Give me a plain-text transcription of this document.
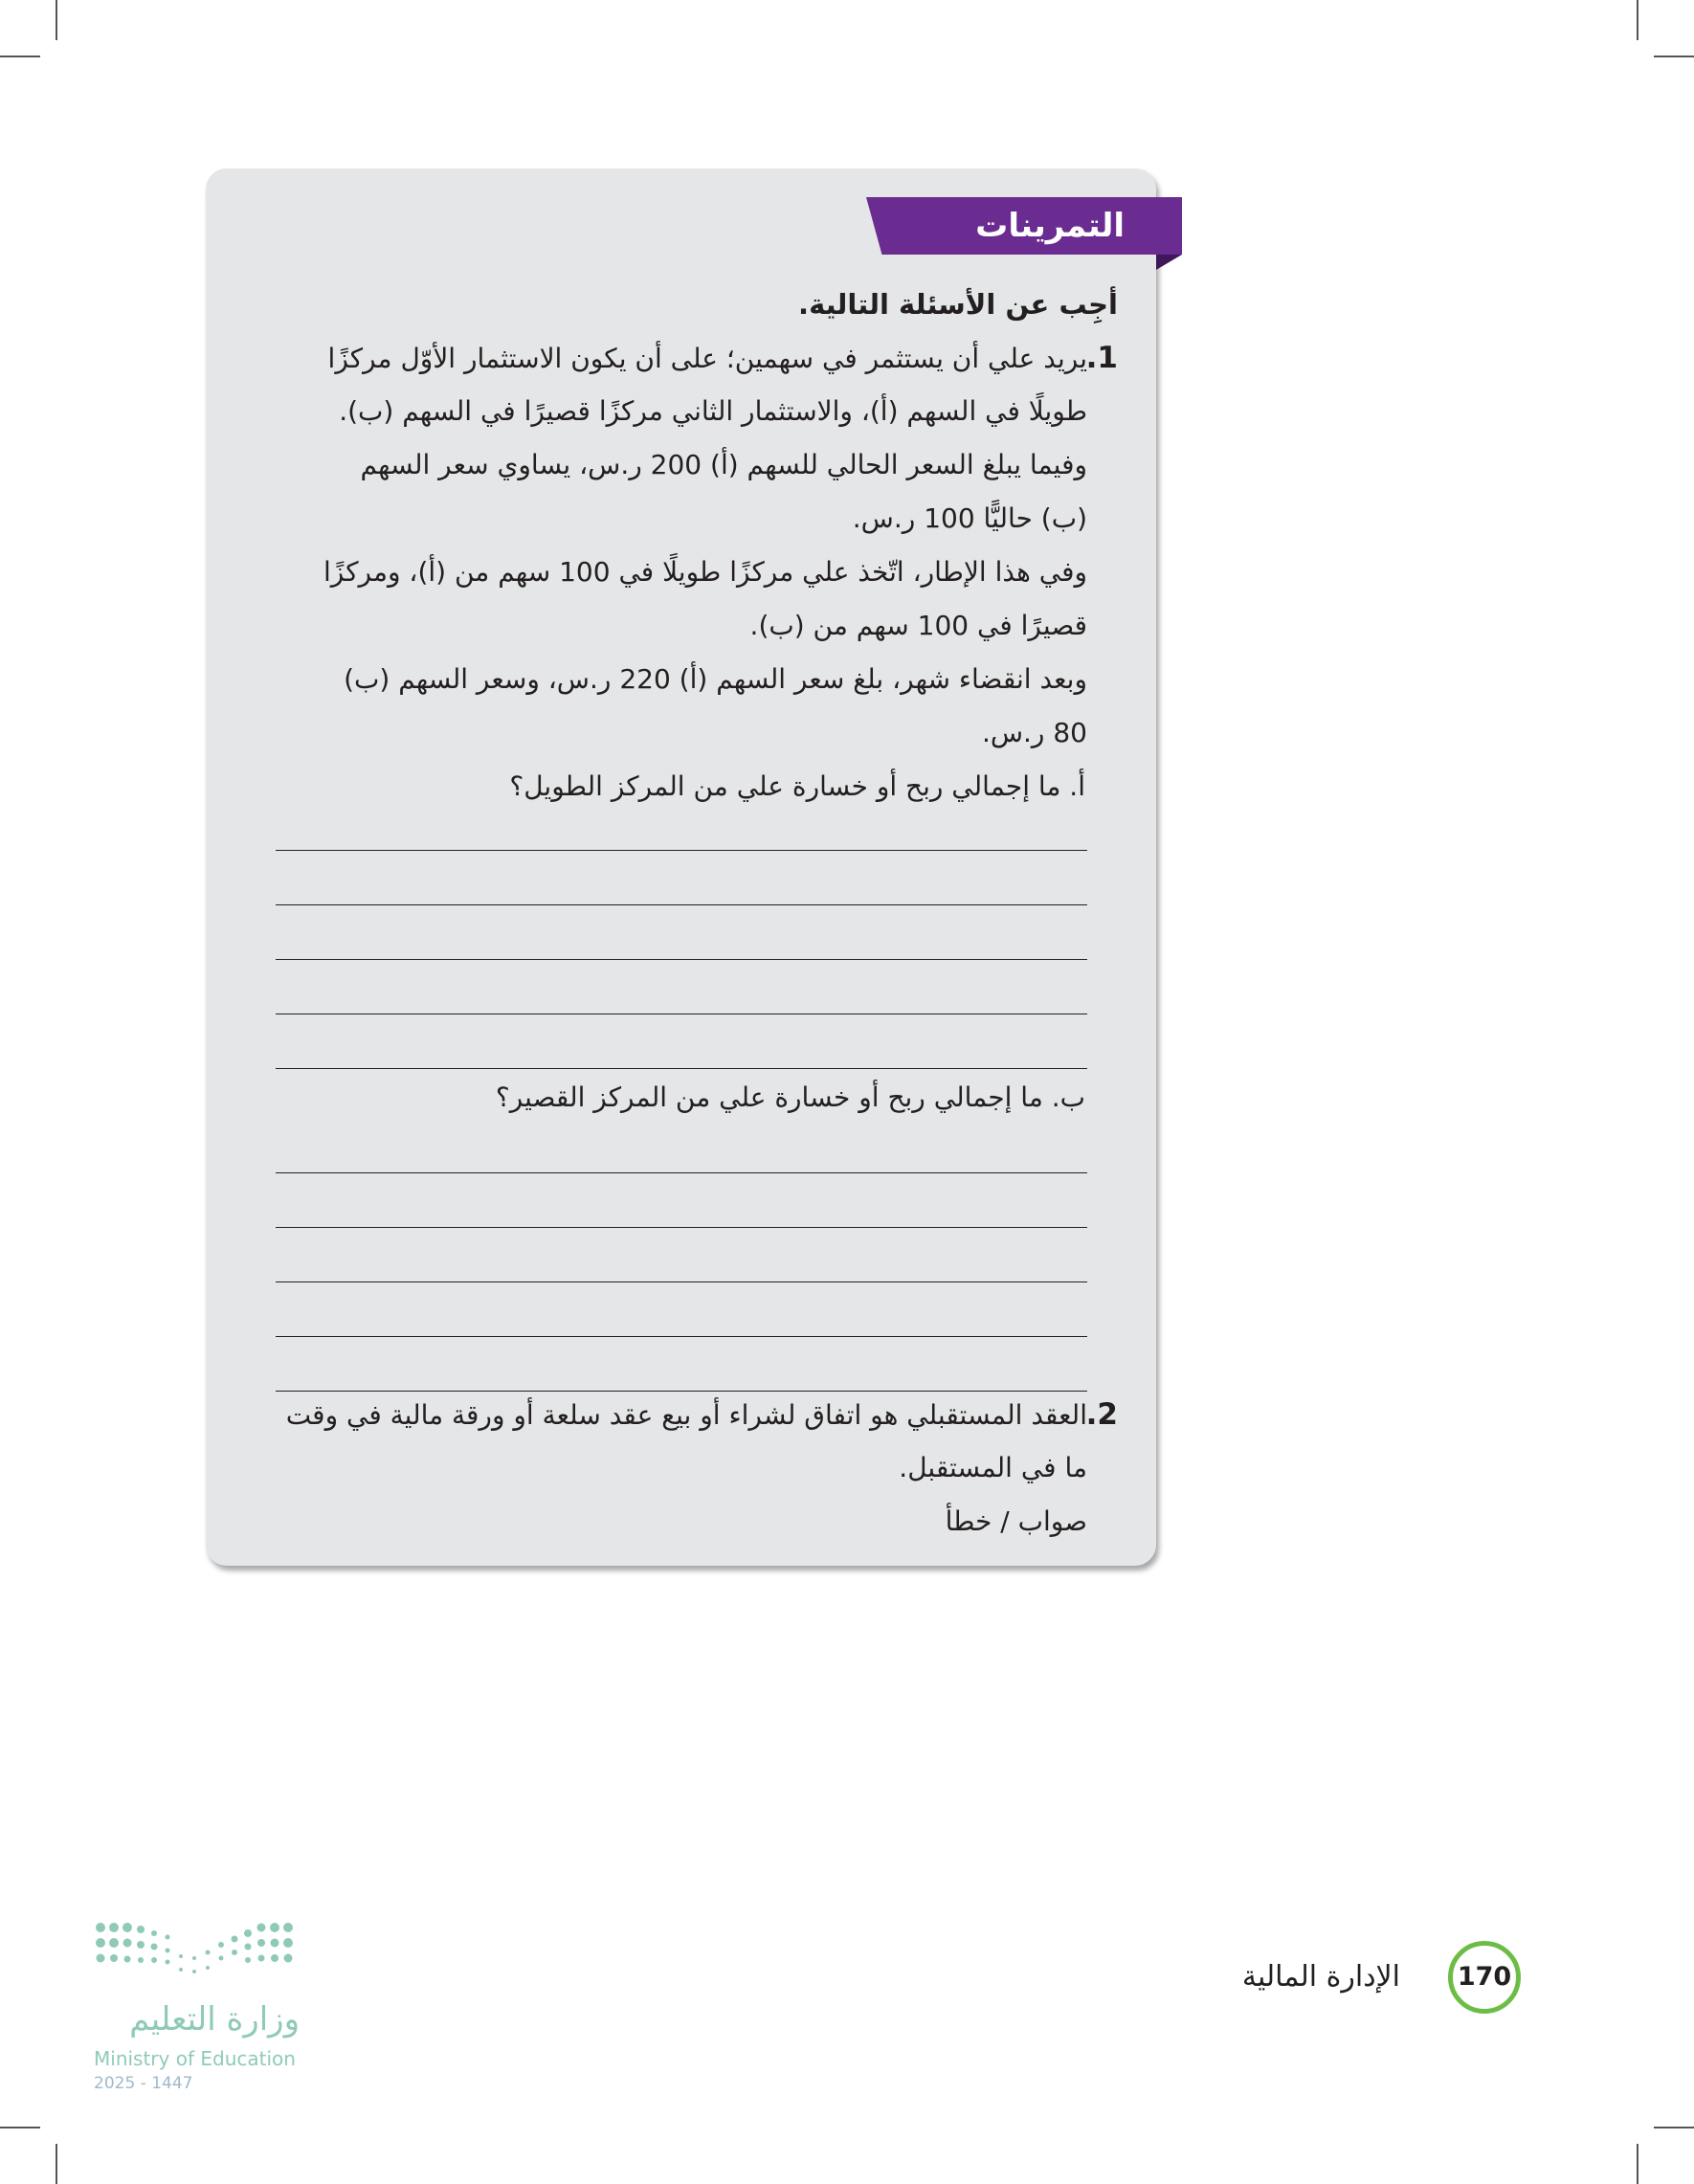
التمرينات
أجِب عن الأسئلة التالية.
1.يريد علي أن يستثمر في سهمين؛ على أن يكون الاستثمار الأوّل مركزًا
طويلًا في السهم (أ)، والاستثمار الثاني مركزًا قصيرًا في السهم (ب).
وفيما يبلغ السعر الحالي للسهم (أ) 200 ر.س، يساوي سعر السهم
(ب) حاليًّا 100 ر.س.
وفي هذا الإطار، اتّخذ علي مركزًا طويلًا في 100 سهم من (أ)، ومركزًا
قصيرًا في 100 سهم من (ب).
وبعد انقضاء شهر، بلغ سعر السهم (أ) 220 ر.س، وسعر السهم (ب)
80 ر.س.
أ. ما إجمالي ربح أو خسارة علي من المركز الطويل؟
ب. ما إجمالي ربح أو خسارة علي من المركز القصير؟
2.العقد المستقبلي هو اتفاق لشراء أو بيع عقد سلعة أو ورقة مالية في وقت
ما في المستقبل.
صواب / خطأ
170
الإدارة المالية
وزارة التعليم
Ministry of Education
2025 - 1447
